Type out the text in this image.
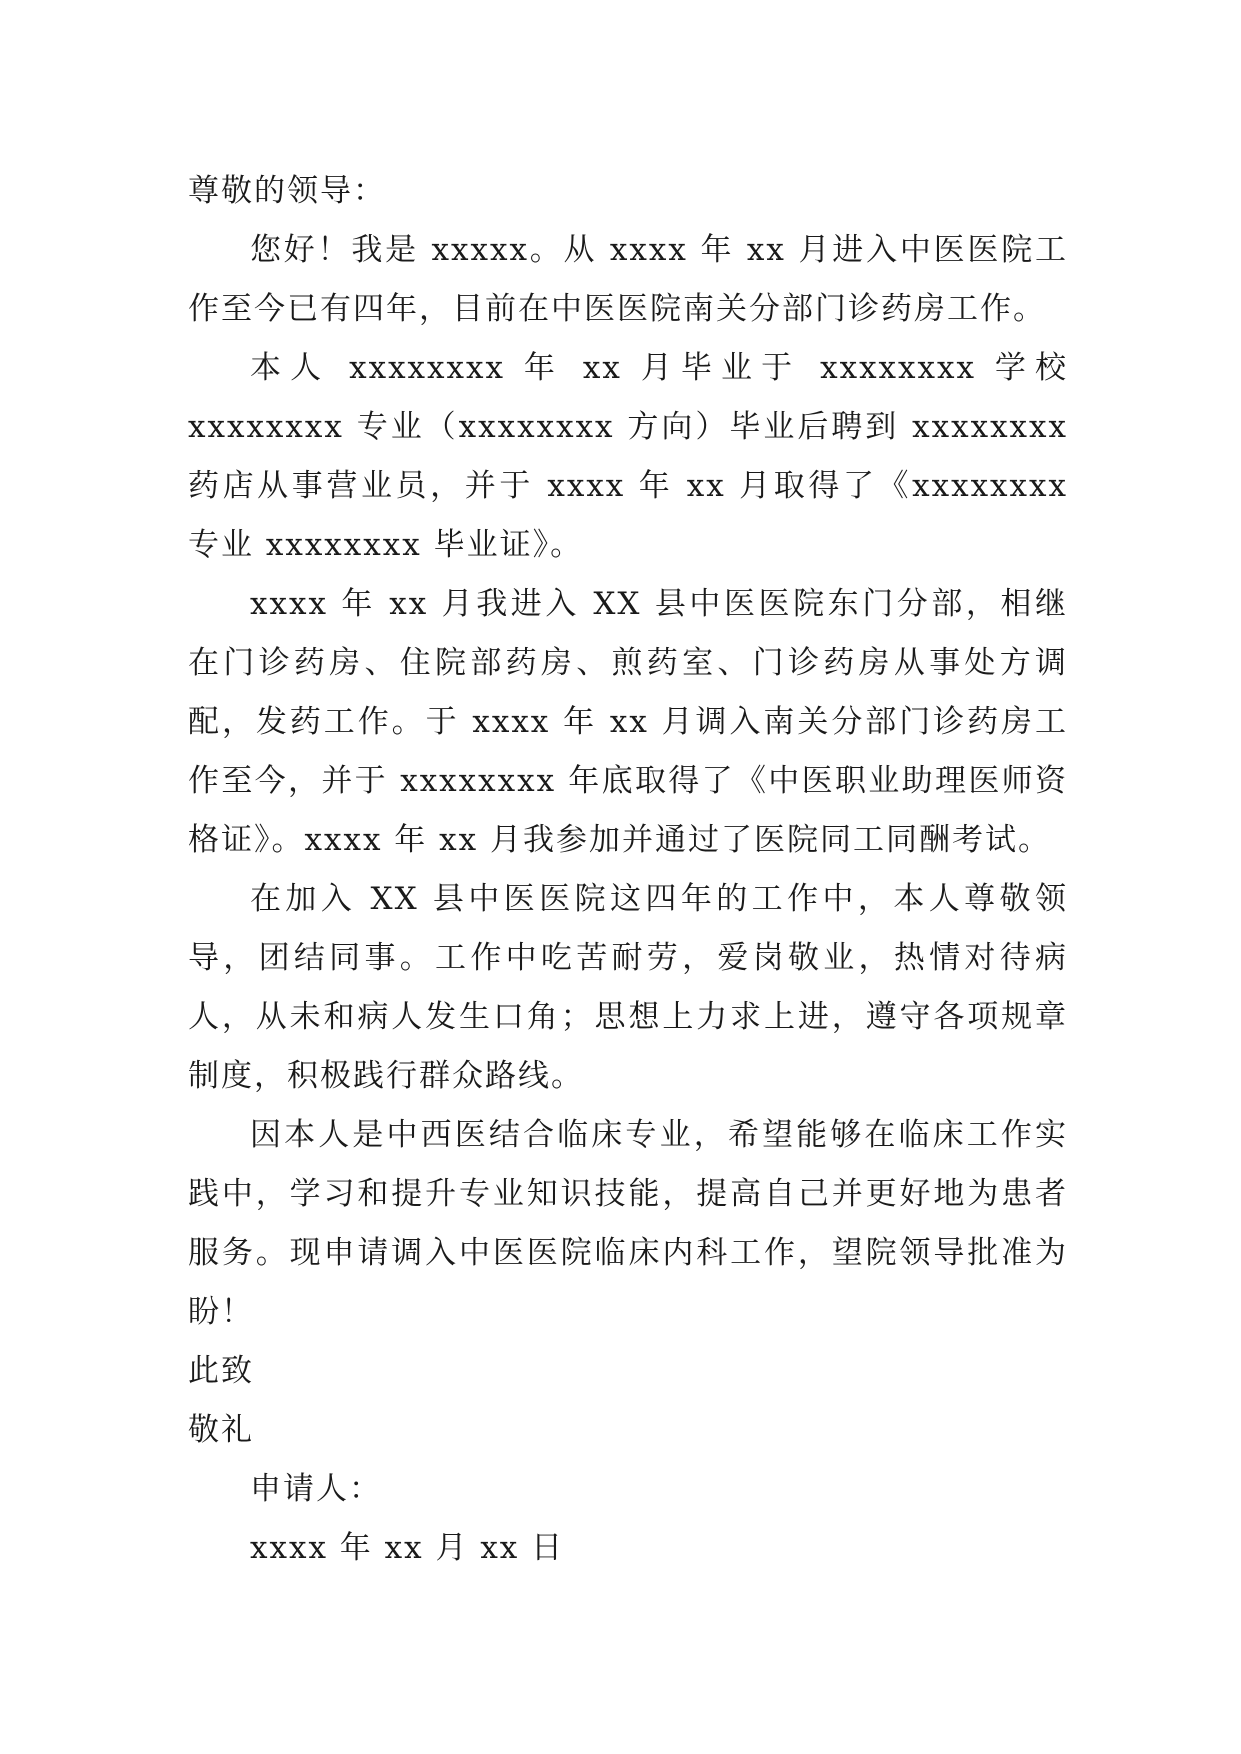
尊敬的领导：

您好！我是 xxxxx。从 xxxx 年 xx 月进入中医医院工作至今已有四年，目前在中医医院南关分部门诊药房工作。

本人 xxxxxxxx 年 xx 月毕业于 xxxxxxxx 学校 xxxxxxxx 专业（xxxxxxxx 方向）毕业后聘到 xxxxxxxx 药店从事营业员，并于 xxxx 年 xx 月取得了《xxxxxxxx 专业 xxxxxxxx 毕业证》。

xxxx 年 xx 月我进入 XX 县中医医院东门分部，相继在门诊药房、住院部药房、煎药室、门诊药房从事处方调配，发药工作。于 xxxx 年 xx 月调入南关分部门诊药房工作至今，并于 xxxxxxxx 年底取得了《中医职业助理医师资格证》。xxxx 年 xx 月我参加并通过了医院同工同酬考试。

在加入 XX 县中医医院这四年的工作中，本人尊敬领导，团结同事。工作中吃苦耐劳，爱岗敬业，热情对待病人，从未和病人发生口角；思想上力求上进，遵守各项规章制度，积极践行群众路线。

因本人是中西医结合临床专业，希望能够在临床工作实践中，学习和提升专业知识技能，提高自己并更好地为患者服务。现申请调入中医医院临床内科工作，望院领导批准为盼！

此致

敬礼

申请人：

xxxx 年 xx 月 xx 日
